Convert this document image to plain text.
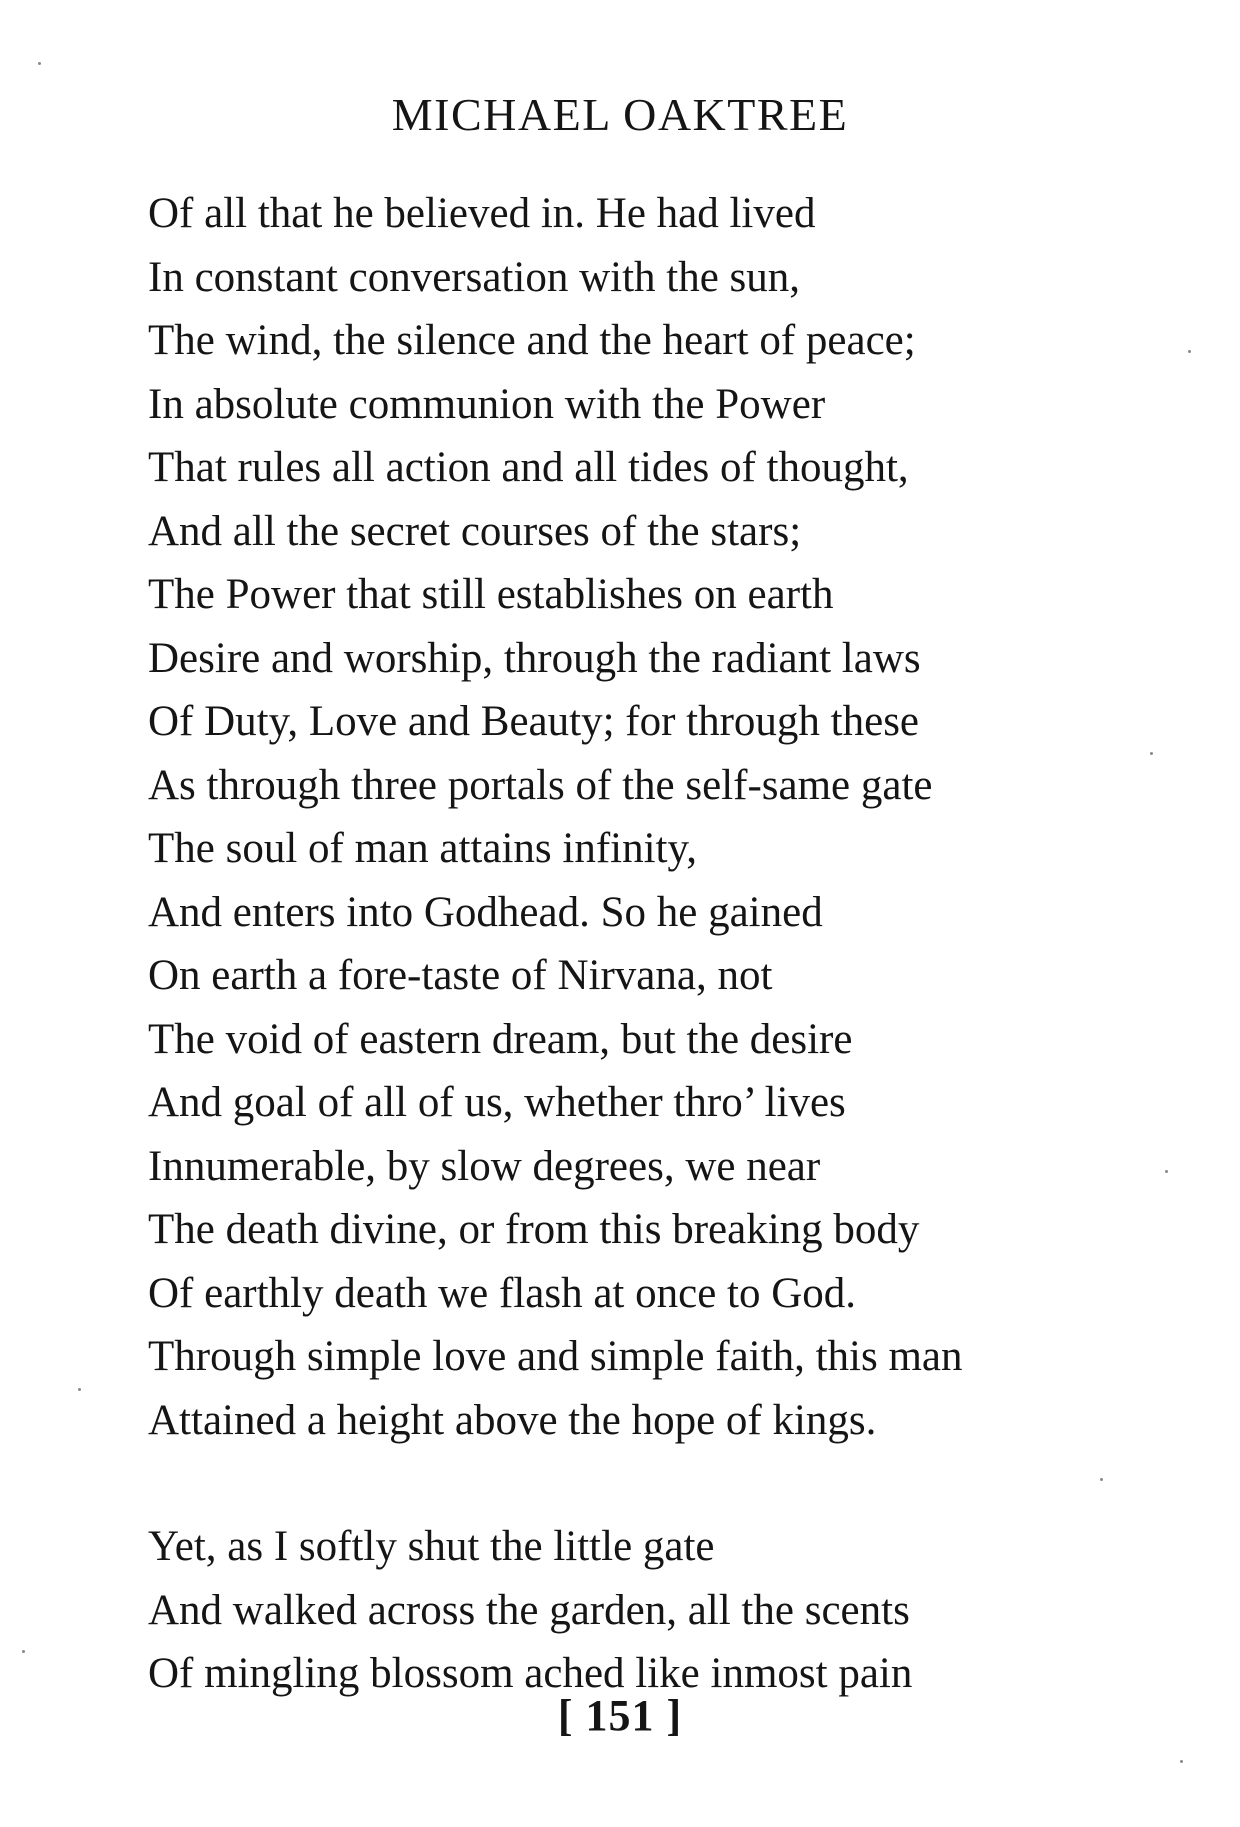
MICHAEL OAKTREE
Of all that he believed in. He had lived
In constant conversation with the sun,
The wind, the silence and the heart of peace;
In absolute communion with the Power
That rules all action and all tides of thought,
And all the secret courses of the stars;
The Power that still establishes on earth
Desire and worship, through the radiant laws
Of Duty, Love and Beauty; for through these
As through three portals of the self-same gate
The soul of man attains infinity,
And enters into Godhead. So he gained
On earth a fore-taste of Nirvana, not
The void of eastern dream, but the desire
And goal of all of us, whether thro’ lives
Innumerable, by slow degrees, we near
The death divine, or from this breaking body
Of earthly death we flash at once to God.
Through simple love and simple faith, this man
Attained a height above the hope of kings.
Yet, as I softly shut the little gate
And walked across the garden, all the scents
Of mingling blossom ached like inmost pain
[ 151 ]
